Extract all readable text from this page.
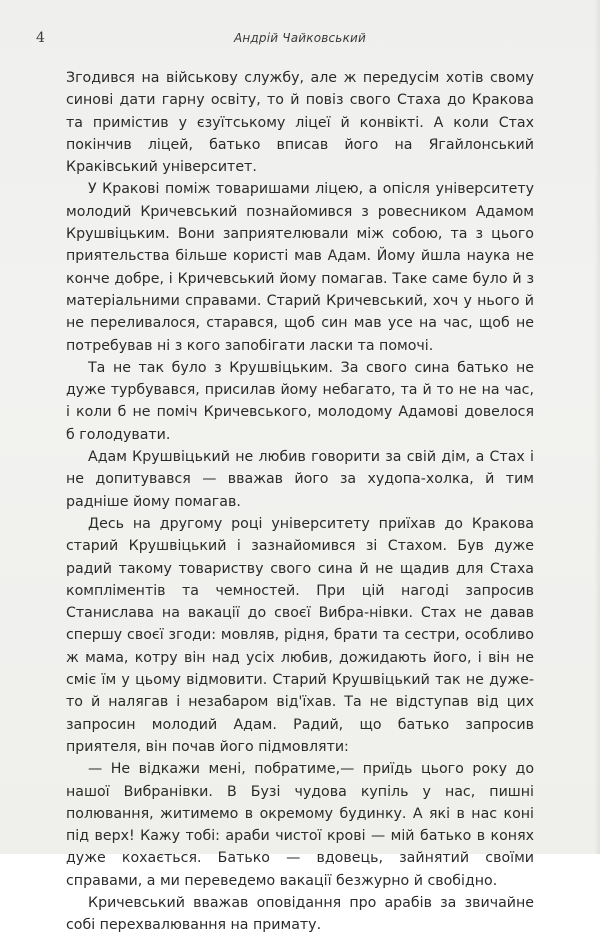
4	Андрій Чайковський

Згодився на військову службу, але ж передусім хотів свому синові дати гарну освіту, то й повіз свого Стаха до Кракова та примістив у єзуїтському ліцеї й конвікті. А коли Стах покінчив ліцей, батько вписав його на Ягайлонський Краківський університет.

У Кракові поміж товаришами ліцею, а опісля університету молодий Кричевський познайомився з ровесником Адамом Крушвіцьким. Вони заприятелювали між собою, та з цього приятельства більше користі мав Адам. Йому йшла наука не конче добре, і Кричевський йому помагав. Таке саме було й з матеріальними справами. Старий Кричевський, хоч у нього й не переливалося, старався, щоб син мав усе на час, щоб не потребував ні з кого запобігати ласки та помочі.

Та не так було з Крушвіцьким. За свого сина батько не дуже турбувався, присилав йому небагато, та й то не на час, і коли б не поміч Кричевського, молодому Адамові довелося б голодувати.

Адам Крушвіцький не любив говорити за свій дім, а Стах і не допитувався — вважав його за худопа-холка, й тим радніше йому помагав.

Десь на другому році університету приїхав до Кракова старий Крушвіцький і зазнайомився зі Стахом. Був дуже радий такому товариству свого сина й не щадив для Стаха компліментів та чемностей. При цій нагоді запросив Станислава на вакації до своєї Вибра-нівки. Стах не давав спершу своєї згоди: мовляв, рідня, брати та сестри, особливо ж мама, котру він над усіх любив, дожидають його, і він не сміє їм у цьому відмовити. Старий Крушвіцький так не дуже-то й налягав і незабаром від'їхав. Та не відступав від цих запросин молодий Адам. Радий, що батько запросив приятеля, він почав його підмовляти:

— Не відкажи мені, побратиме,— приїдь цього року до нашої Вибранівки. В Бузі чудова купіль у нас, пишні полювання, житимемо в окремому будинку. А які в нас коні під верх! Кажу тобі: араби чистої крові — мій батько в конях дуже кохається. Батько — вдовець, зайнятий своїми справами, а ми переведемо вакації безжурно й свобідно.

Кричевський вважав оповідання про арабів за звичайне собі перехвалювання на примату.
